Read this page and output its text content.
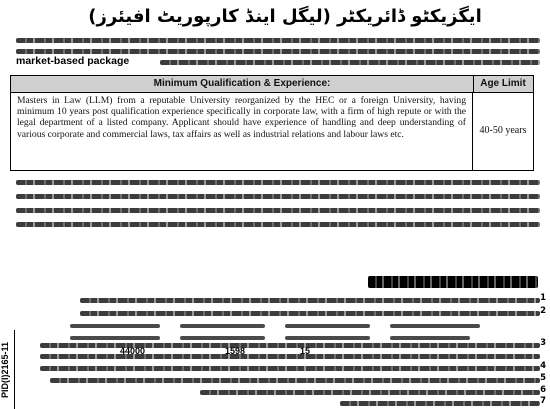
ایگزیکٹو ڈائریکٹر (لیگل اینڈ کارپوریٹ افیئرز)
market-based package
Minimum Qualification & Experience:	Age Limit
Masters in Law (LLM) from a reputable University reorganized by the HEC or a foreign University, having minimum 10 years post qualification experience specifically in corporate law, with a firm of high repute or with the legal department of a listed company. Applicant should have experience of handling and deep understanding of various corporate and commercial laws, tax affairs as well as industrial relations and labour laws etc.	40-50 years
1
2
3
15
1598
44000
4
5
6
7
PID(I)2165-11
